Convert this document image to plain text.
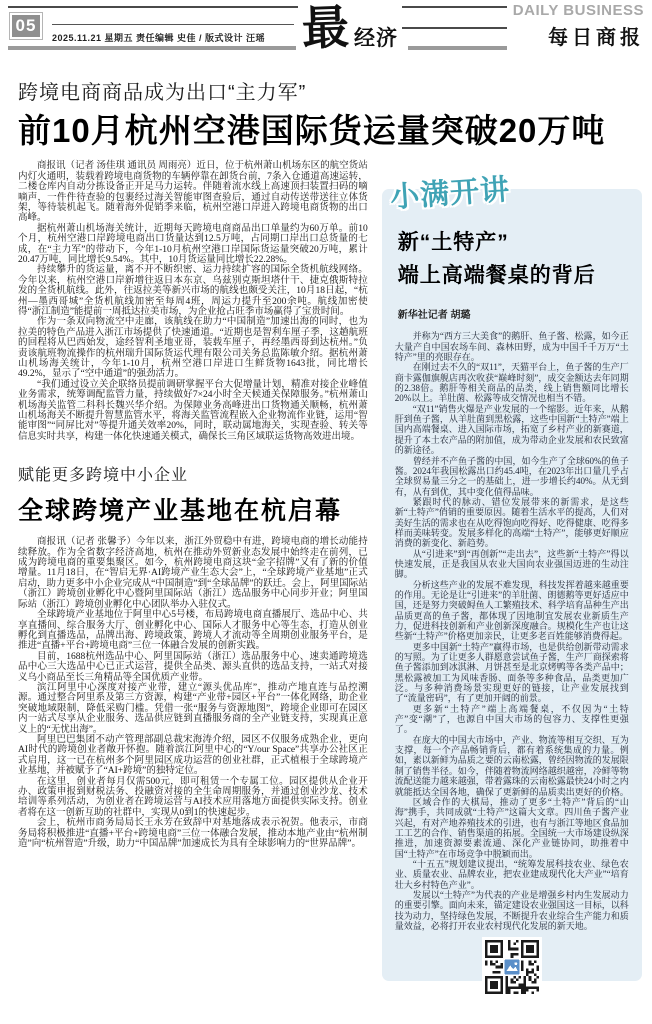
05
2025.11.21 星期五 责任编辑 史佳 / 版式设计 汪瑶 最 经济
DAILY BUSINESS
每日商报
跨境电商商品成为出口“主力军”
前10月杭州空港国际货运量突破20万吨

商报讯（记者 汤佳琪 通讯员 周雨亮）近日，位于杭州萧山机场东区的航空货站内灯火通明，装载着跨境电商货物的车辆停靠在卸货台前，7条入仓通道高速运转，二楼仓库内自动分拣设备正开足马力运转。伴随着流水线上高速顶扫装置扫码的嘀嘀声，一件件待查验的包裹经过海关智能审图查验后，通过自动传送带送往立体货架，等待装机起飞。随着海外促销季来临，杭州空港口岸进入跨境电商货物的出口高峰。

据杭州萧山机场海关统计，近期每天跨境电商商品出口单量约为60万单。前10个月，杭州空港口岸跨境电商出口货量达到12.5万吨，占同期口岸出口总货量的七成，在“主力军”的带动下，今年1-10月杭州空港口岸国际货运量突破20万吨，累计20.47万吨，同比增长9.54%。其中，10月货运量同比增长22.28%。

持续攀升的货运量，离不开不断织密、运力持续扩容的国际全货机航线网络。今年以来，杭州空港口岸新增往返日本东京、乌兹别克斯坦塔什干、捷克俄斯特拉发的全货机航线。此外，往返拉美等新兴市场的航线也颇受关注，10月18日起，“杭州—墨西哥城”全货机航线加密至每周4班，周运力提升至200余吨。航线加密使得“浙江制造”能提前一周抵达拉美市场，为企业抢占旺季市场赢得了宝贵时间。

作为一条双向物流空中走廊，该航线在助力“中国制造”加速出海的同时，也为拉美的特色产品进入浙江市场提供了快速通道。“近期也是智利车厘子季，这趟航班的回程将从巴西始发，途经智利圣地亚哥，装载车厘子，再经墨西哥到达杭州。”负责该航班物流操作的杭州瑞升国际货运代理有限公司关务总监陈敏介绍。据杭州萧山机场海关统计，今年1-10月，杭州空港口岸进口生鲜货物1643批，同比增长49.2%，显示了“空中通道”的强劲活力。

“我们通过设立关企联络员提前调研掌握平台大促增量计划，精准对接企业峰值业务需求，统筹调配监管力量，持续做好7×24小时全天候通关保障服务。”杭州萧山机场海关监管二科科长魏兴华介绍。为保障业务高峰进出口货物通关顺畅，杭州萧山机场海关不断提升智慧监管水平，将海关监管流程嵌入企业物流作业链，运用“智能审图”“同屏比对”等提升通关效率20%，同时，联动属地海关，实现查验、转关等信息实时共享，构建一体化快速通关模式，确保长三角区域联运货物高效进出境。

赋能更多跨境中小企业
全球跨境产业基地在杭启幕

商报讯（记者 张馨予）今年以来，浙江外贸稳中有进，跨境电商的增长动能持续释放。作为全省数字经济高地，杭州在推动外贸新业态发展中始终走在前列，已成为跨境电商的重要集聚区。如今，杭州跨境电商这块“金字招牌”又有了新的价值增量。11月18日，在“智启无界·AI跨境产业生态大会”上，“全球跨境产业基地”正式启动，助力更多中小企业完成从“中国制造”到“全球品牌”的跃迁。会上，阿里国际站（浙江）跨境创业孵化中心暨阿里国际站（浙江）选品服务中心同步开业；阿里国际站（浙江）跨境创业孵化中心团队举办入驻仪式。

全球跨境产业基地位于阿里中心5号楼，布局跨境电商直播展厅、选品中心、共享直播间、综合服务大厅、创业孵化中心、国际人才服务中心等生态，打造从创业孵化到直播选品，品牌出海、跨境政策、跨境人才流动等全周期创业服务平台，是推进“直播+平台+跨境电商”三位一体融合发展的创新实践。

目前，1688杭州选品中心、阿里国际站（浙江）选品服务中心、速卖通跨境选品中心三大选品中心已正式运营，提供全品类、源头直供的选品支持，一站式对接义乌小商品至长三角精品等全国优质产业带。

滨江阿里中心深度对接产业带，建立“源头优品库”，推动产地直连与品控溯源。通过整合阿里系及第三方资源，构建“产业带+园区+平台”一体化网络，助企业突破地域限制，降低采购门槛。凭借一张“服务与资源地图”，跨境企业即可在园区内一站式尽享从企业服务、选品供应链到直播服务商的全产业链支持，实现真正意义上的“无忧出海”。

阿里巴巴集团不动产管理部副总裁宋海涛介绍，园区不仅服务成熟企业，更向AI时代的跨境创业者敞开怀抱。随着滨江阿里中心的“Y/our Space”共享办公社区正式启用，这一已在杭州多个阿里园区成功运营的创业社群，正式植根于全球跨境产业基地，并被赋予了“AI+跨境”的独特定位。

在这里，创业者每月仅需500元，即可租赁一个专属工位。园区提供从企业开办、政策申报到财税法务、投融资对接的全生命周期服务，并通过创业沙龙、技术培训等系列活动，为创业者在跨境运营与AI技术应用落地方面提供实际支持。创业者将在这一创新互助的社群中，实现从0到1的快速起步。

会上，杭州市商务局局长王永芳在致辞中对基地落成表示祝贺。他表示，市商务局将积极推进“直播+平台+跨境电商”三位一体融合发展，推动本地产业由“杭州制造”向“杭州智造”升级，助力“中国品牌”加速成长为具有全球影响力的“世界品牌”。

小满开讲
新“土特产”
端上高端餐桌的背后
新华社记者 胡璐

并称为“西方三大美食”的鹅肝、鱼子酱、松露，如今正大量产自中国农场车间、森林田野，成为中国千千万万“土特产”里的亮眼存在。

在刚过去不久的“双11”，天猫平台上，鱼子酱的生产厂商卡露伽旗舰店再次收获“巅峰时刻”，成交金额达去年同期的2.38倍。鹅肝等相关商品的品类，线上销售额同比增长20%以上。羊肚菌、松露等成交情况也相当不错。

“双11”销售火爆是产业发展的一个缩影。近年来，从鹅肝到鱼子酱，从羊肚菌到黑松露，这些中国新“土特产”端上国内高端餐桌、进入国际市场，拓宽了乡村产业的新赛道，提升了本土农产品的附加值，成为带动企业发展和农民致富的新途径。

曾经并不产鱼子酱的中国，如今生产了全球60%的鱼子酱。2024年我国松露出口约45.4吨，在2023年出口量几乎占全球贸易量三分之一的基础上，进一步增长约40%。从无到有，从有到优，其中变化值得品味。

紧跟时代的脉动、错位发展带来的新需求，是这些新“土特产”俏销的重要原因。随着生活水平的提高，人们对美好生活的需求也在从吃得饱向吃得好、吃得健康、吃得多样而美味转变。发展多样化的高端“土特产”，能够更好顺应消费的新变化、新趋势。

从“引进来”到“再创新”“走出去”，这些新“土特产”得以快速发展，正是我国从农业大国向农业强国迈进的生动注脚。

分析这些产业的发展不难发现，科技发挥着越来越重要的作用。无论是让“引进来”的羊肚菌、朗德鹅等更好适应中国，还是努力突破鲟鱼人工繁殖技术、科学培育品种生产出品质更高的鱼子酱，都体现了因地制宜发展农业新质生产力，促进科技创新和产业创新深度融合。规模化生产也让这些新“土特产”价格更加亲民，让更多老百姓能够消费得起。

更多中国新“土特产”赢得市场，也是供给创新带动需求的写照。为了让更多人群愿意尝试鱼子酱，生产厂商探索将鱼子酱添加到冰淇淋、月饼甚至是北京烤鸭等各类产品中；黑松露被加工为风味香肠、面条等多种食品，品类更加广泛。与多种消费场景实现更好的链接，让产业发展找到了“流量密码”，有了更加开阔的前景。

更多新“土特产”端上高端餐桌，不仅因为“土特产”变“潮”了，也源自中国大市场的包容力、支撑性更强了。

在庞大的中国大市场中，产业、物流等相互交织、互为支撑，每一个产品畅销背后，都有着系统集成的力量。例如，素以新鲜为品质之要的云南松露，曾经因物流的发展限制了销售半径。如今，伴随着物流网络越织越密，冷鲜等物流配送能力越来越强，带着露珠的云南松露最快24小时之内就能抵达全国各地，确保了更新鲜的品质卖出更好的价格。

区域合作的大棋局，推动了更多“土特产”背后的“山海”携手，共同成就“土特产”这篇大文章。四川鱼子酱产业兴起，有对产地养殖技术的引进，也有与浙江等地区食品加工工艺的合作、销售渠道的拓展。全国统一大市场建设纵深推进，加速资源要素流通、深化产业链协同，助推着中国“土特产”在市场竞争中脱颖而出。

“十五五”规划建议提出，“统筹发展科技农业、绿色农业、质量农业、品牌农业，把农业建成现代化大产业”“培育壮大乡村特色产业”。

发展以“土特产”为代表的产业是增强乡村内生发展动力的重要引擎。面向未来，锚定建设农业强国这一目标，以科技为动力，坚持绿色发展，不断提升农业综合生产能力和质量效益，必将打开农业农村现代化发展的新天地。
